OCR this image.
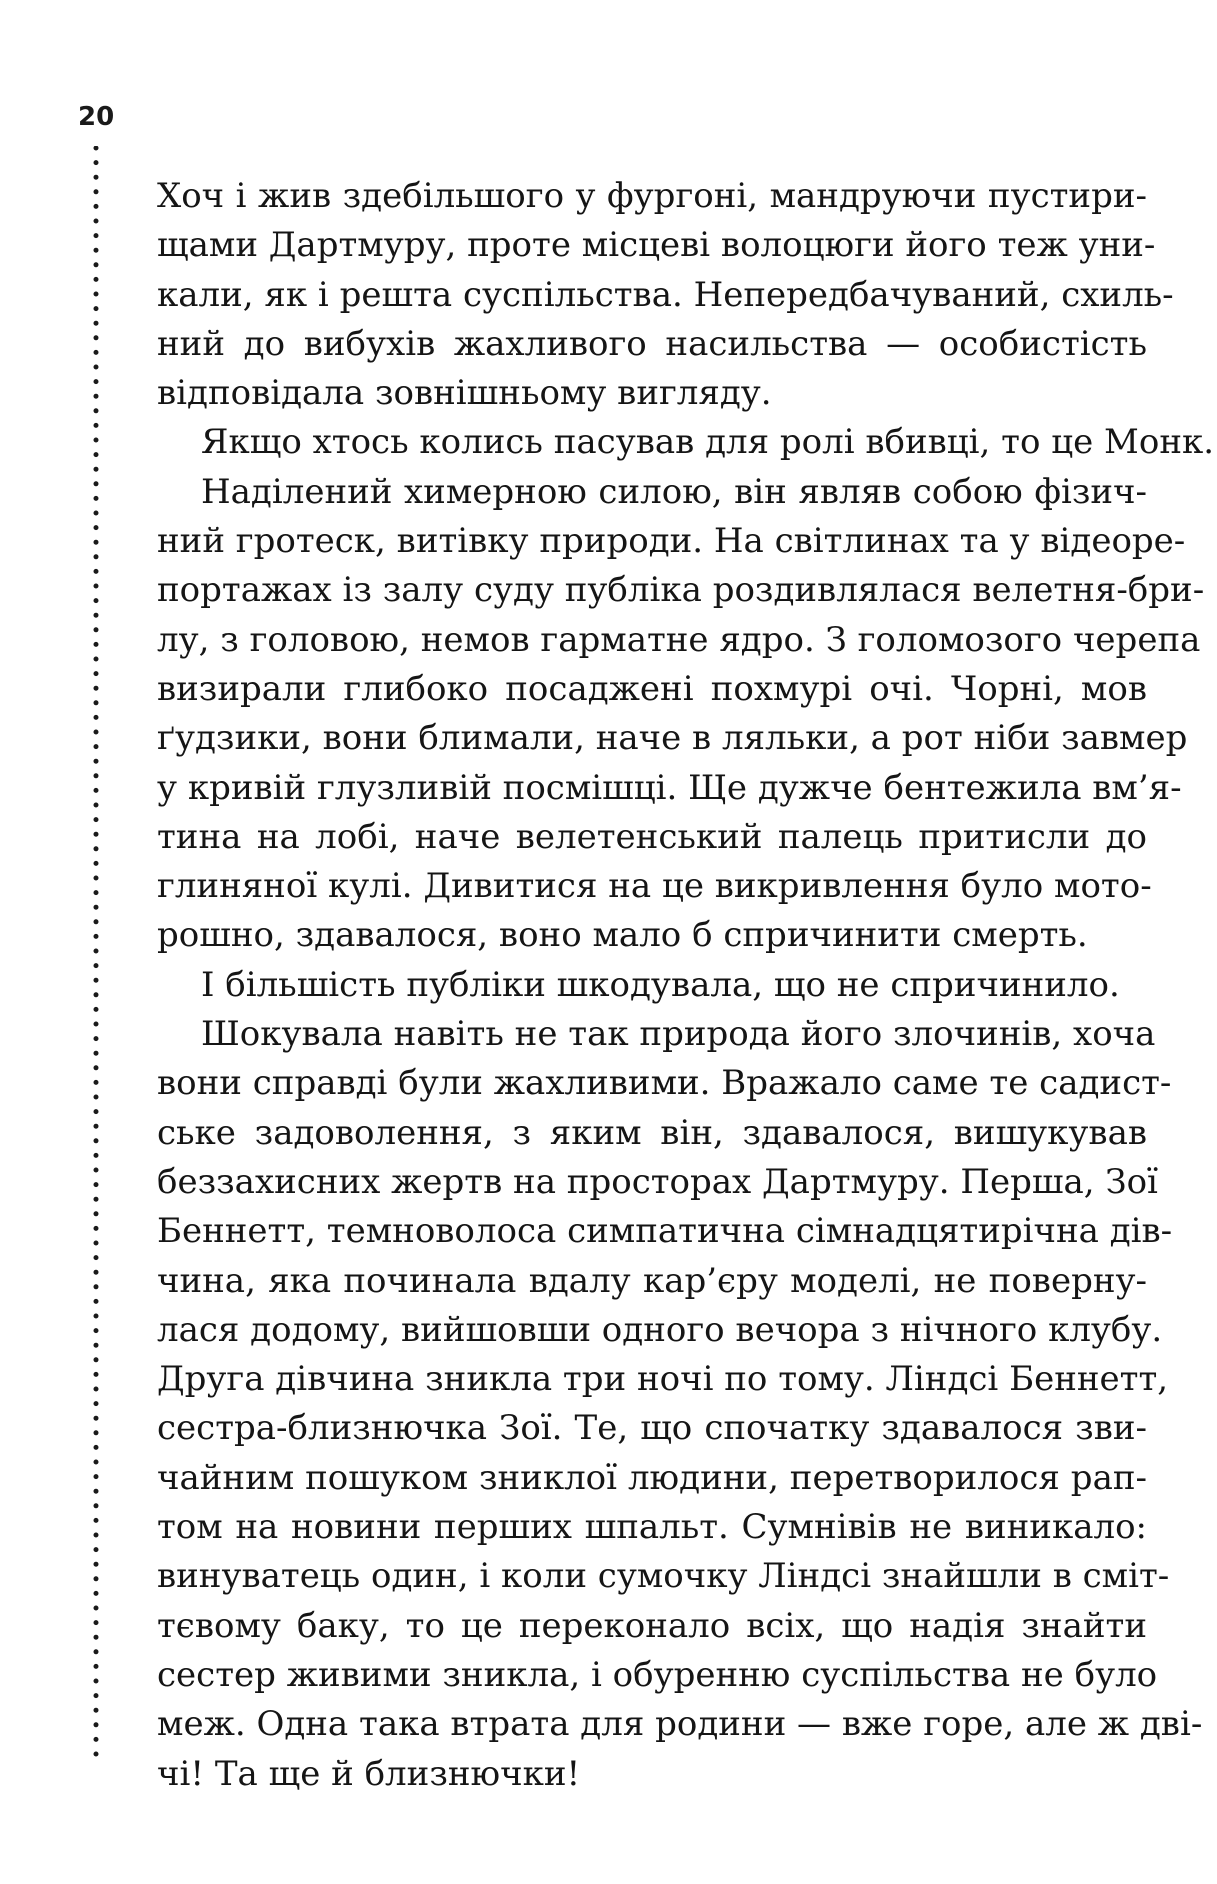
20
Хоч і жив здебільшого у фургоні, мандруючи пустири-
щами Дартмуру, проте місцеві волоцюги його теж уни-
кали, як і решта суспільства. Непередбачуваний, схиль-
ний до вибухів жахливого насильства — особистість
відповідала зовнішньому вигляду.
Якщо хтось колись пасував для ролі вбивці, то це Монк.
Наділений химерною силою, він являв собою фізич-
ний гротеск, витівку природи. На світлинах та у відеоре-
портажах із залу суду публіка роздивлялася велетня-бри-
лу, з головою, немов гарматне ядро. З голомозого черепа
визирали глибоко посаджені похмурі очі. Чорні, мов
ґудзики, вони блимали, наче в ляльки, а рот ніби завмер
у кривій глузливій посмішці. Ще дужче бентежила вм’я-
тина на лобі, наче велетенський палець притисли до
глиняної кулі. Дивитися на це викривлення було мото-
рошно, здавалося, воно мало б спричинити смерть.
І більшість публіки шкодувала, що не спричинило.
Шокувала навіть не так природа його злочинів, хоча
вони справді були жахливими. Вражало саме те садист-
ське задоволення, з яким він, здавалося, вишукував
беззахисних жертв на просторах Дартмуру. Перша, Зої
Беннетт, темноволоса симпатична сімнадцятирічна дів-
чина, яка починала вдалу кар’єру моделі, не поверну-
лася додому, вийшовши одного вечора з нічного клубу.
Друга дівчина зникла три ночі по тому. Ліндсі Беннетт,
сестра-близнючка Зої. Те, що спочатку здавалося зви-
чайним пошуком зниклої людини, перетворилося рап-
том на новини перших шпальт. Сумнівів не виникало:
винуватець один, і коли сумочку Ліндсі знайшли в сміт-
тєвому баку, то це переконало всіх, що надія знайти
сестер живими зникла, і обуренню суспільства не було
меж. Одна така втрата для родини — вже горе, але ж дві-
чі! Та ще й близнючки!
